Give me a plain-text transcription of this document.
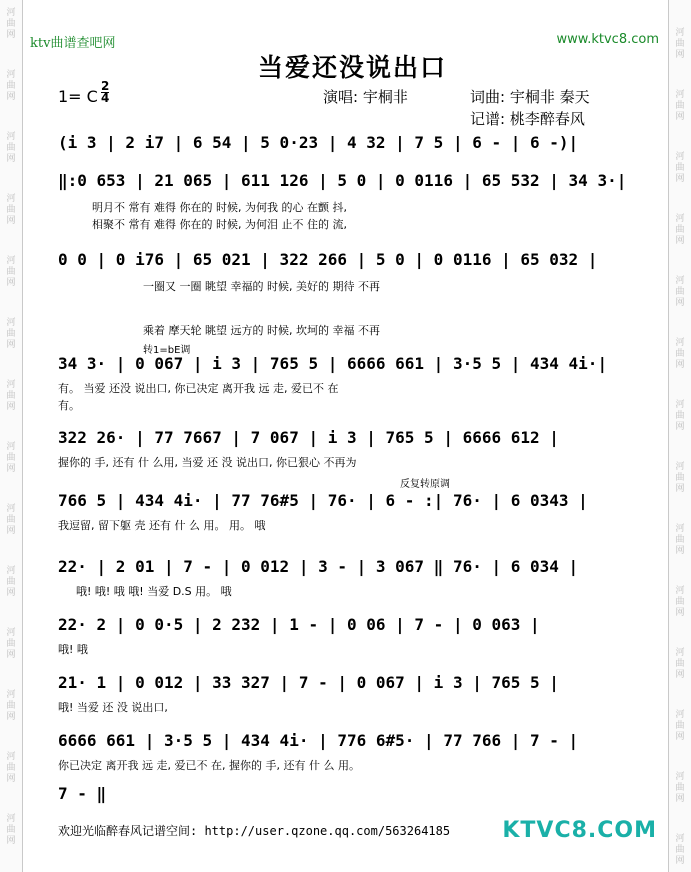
河
曲
网
河
曲
网
河
曲
网
河
曲
网
河
曲
网
河
曲
网
河
曲
网
河
曲
网
河
曲
网
河
曲
网
河
曲
网
河
曲
网
河
曲
网
河
曲
网
河
曲
网
河
曲
网
河
曲
网
河
曲
网
河
曲
网
河
曲
网
河
曲
网
河
曲
网
河
曲
网
河
曲
网
河
曲
网
河
曲
网
河
曲
网
河
曲
网
ktv曲谱查吧网	www.ktvc8.com
当爱还没说出口
1= C
2
4	演唱: 宇桐非	词曲: 宇桐非 秦天
记谱: 桃李醉春风
(i 3 | 2 i7 | 6 54 | 5 0·23 | 4 32 | 7 5 | 6 - | 6 -)|
‖:0 653 | 21 065 | 611 126 | 5 0 | 0 0116 | 65 532 | 34 3·|
明月不 常有 难得 你在的 时候, 为何我 的心 在颤 抖,
相聚不 常有 难得 你在的 时候, 为何泪 止不 住的 流,
0 0 | 0 i76 | 65 021 | 322 266 | 5 0 | 0 0116 | 65 032 |
一圈又 一圈 眺望 幸福的 时候, 美好的 期待 不再
乘着 摩天轮 眺望 远方的 时候, 坎坷的 幸福 不再
转1=bE调
34 3· | 0 067 | i 3 | 765 5 | 6666 661 | 3·5 5 | 434 4i·|
有。 当爱 还没 说出口, 你已决定 离开我 远 走, 爱已不 在
有。
322 26· | 77 7667 | 7 067 | i 3 | 765 5 | 6666 612 |
握你的 手, 还有 什 么用, 当爱 还 没 说出口, 你已狠心 不再为
反复转原调
766 5 | 434 4i· | 77 76#5 | 76· | 6 - :| 76· | 6 0343 |
我逗留, 留下躯 壳 还有 什 么 用。 用。 哦
22· | 2 01 | 7 - | 0 012 | 3 - | 3 067 ‖ 76· | 6 034 |
哦! 哦! 哦 哦! 当爱 D.S 用。 哦
22· 2 | 0 0·5 | 2 232 | 1 - | 0 06 | 7 - | 0 063 |
哦! 哦
21· 1 | 0 012 | 33 327 | 7 - | 0 067 | i 3 | 765 5 |
哦! 当爱 还 没 说出口,
6666 661 | 3·5 5 | 434 4i· | 776 6#5· | 77 766 | 7 - |
你已决定 离开我 远 走, 爱已不 在, 握你的 手, 还有 什 么 用。
7 - ‖
欢迎光临醉春风记谱空间: http://user.qzone.qq.com/563264185 KTVC8.COM
